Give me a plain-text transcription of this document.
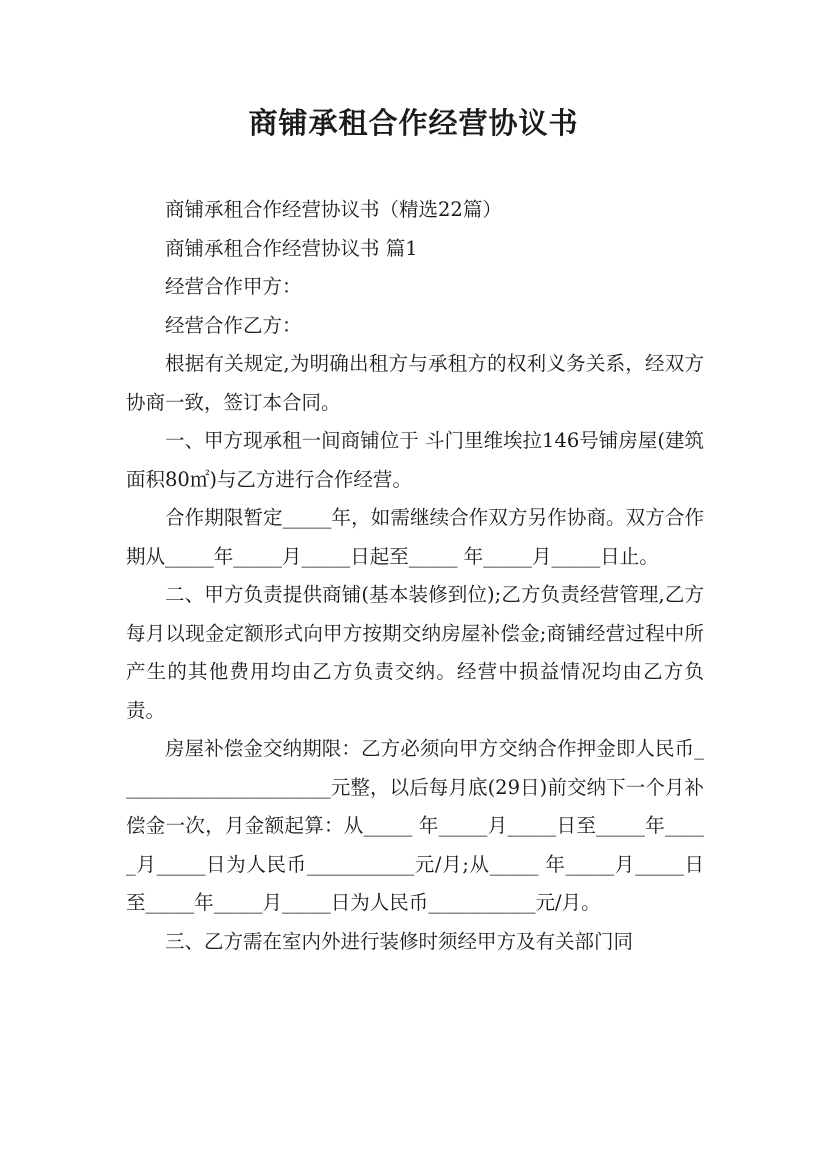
商铺承租合作经营协议书

商铺承租合作经营协议书（精选22篇）

商铺承租合作经营协议书 篇1

经营合作甲方：

经营合作乙方：

根据有关规定,为明确出租方与承租方的权利义务关系，经双方协商一致，签订本合同。

一、甲方现承租一间商铺位于 斗门里维埃拉146号铺房屋(建筑面积80㎡)与乙方进行合作经营。

合作期限暂定_____年，如需继续合作双方另作协商。双方合作期从_____年_____月_____日起至_____ 年_____月_____日止。

二、甲方负责提供商铺(基本装修到位);乙方负责经营管理,乙方每月以现金定额形式向甲方按期交纳房屋补偿金;商铺经营过程中所产生的其他费用均由乙方负责交纳。经营中损益情况均由乙方负责。

房屋补偿金交纳期限：乙方必须向甲方交纳合作押金即人民币______________________元整，以后每月底(29日)前交纳下一个月补偿金一次，月金额起算：从_____ 年_____月_____日至_____年_____月_____日为人民币___________元/月;从_____ 年_____月_____日至_____年_____月_____日为人民币___________元/月。

三、乙方需在室内外进行装修时须经甲方及有关部门同
